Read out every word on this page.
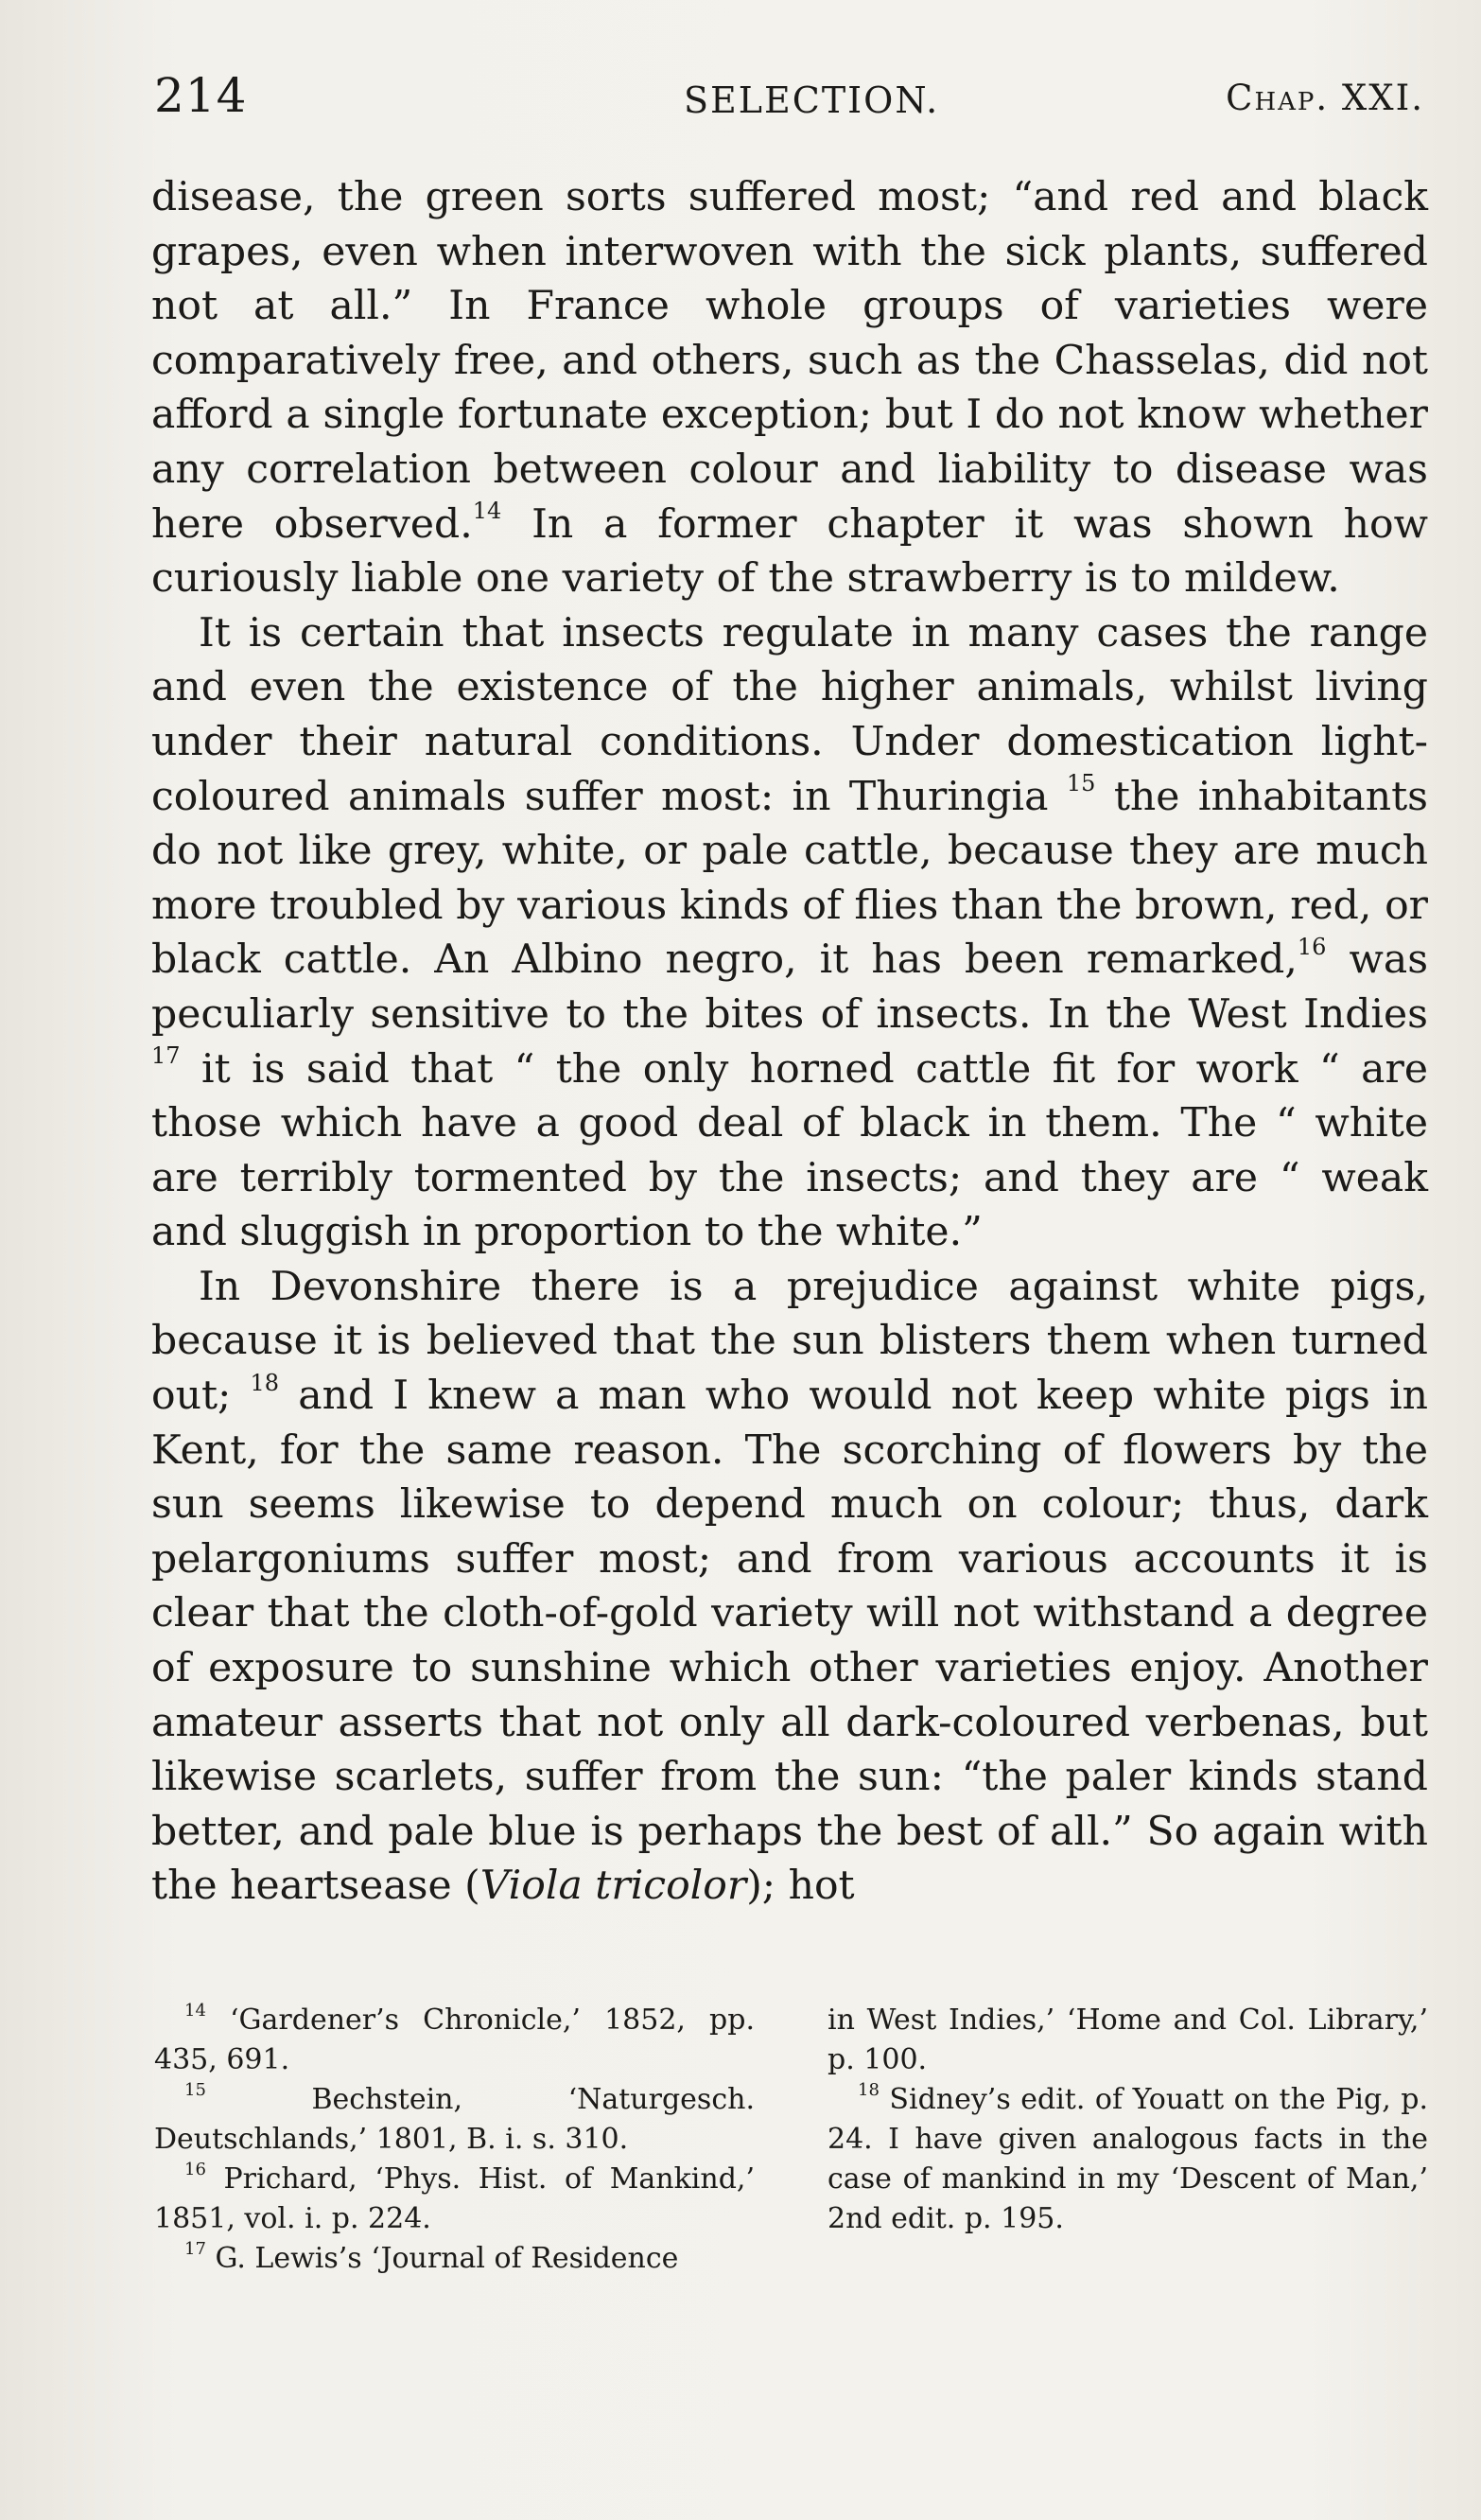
214	SELECTION.	Chap. XXI.

disease, the green sorts suffered most; “and red and black grapes, even when interwoven with the sick plants, suffered not at all.” In France whole groups of varieties were comparatively free, and others, such as the Chasselas, did not afford a single fortunate exception; but I do not know whether any correlation between colour and liability to disease was here observed.$^{14}$ In a former chapter it was shown how curiously liable one variety of the strawberry is to mildew.

It is certain that insects regulate in many cases the range and even the existence of the higher animals, whilst living under their natural conditions. Under domestication light-coloured animals suffer most: in Thuringia $^{15}$ the inhabitants do not like grey, white, or pale cattle, because they are much more troubled by various kinds of flies than the brown, red, or black cattle. An Albino negro, it has been remarked,$^{16}$ was peculiarly sensitive to the bites of insects. In the West Indies $^{17}$ it is said that “ the only horned cattle fit for work “ are those which have a good deal of black in them. The “ white are terribly tormented by the insects; and they are “ weak and sluggish in proportion to the white.”

In Devonshire there is a prejudice against white pigs, because it is believed that the sun blisters them when turned out; $^{18}$ and I knew a man who would not keep white pigs in Kent, for the same reason. The scorching of flowers by the sun seems likewise to depend much on colour; thus, dark pelargoniums suffer most; and from various accounts it is clear that the cloth-of-gold variety will not withstand a degree of exposure to sunshine which other varieties enjoy. Another amateur asserts that not only all dark-coloured verbenas, but likewise scarlets, suffer from the sun: “the paler kinds stand better, and pale blue is perhaps the best of all.” So again with the heartsease (Viola tricolor); hot

$^{14}$ ‘Gardener’s Chronicle,’ 1852, pp. 435, 691.

$^{15}$	Bechstein, ‘Naturgesch. Deutschlands,’ 1801, B. i. s. 310.

$^{16}$ Prichard, ‘Phys. Hist. of Mankind,’ 1851, vol. i. p. 224.

$^{17}$ G. Lewis’s ‘Journal of Residence

in West Indies,’ ‘Home and Col. Library,’ p. 100.

$^{18}$ Sidney’s edit. of Youatt on the Pig, p. 24. I have given analogous facts in the case of mankind in my ‘Descent of Man,’ 2nd edit. p. 195.
